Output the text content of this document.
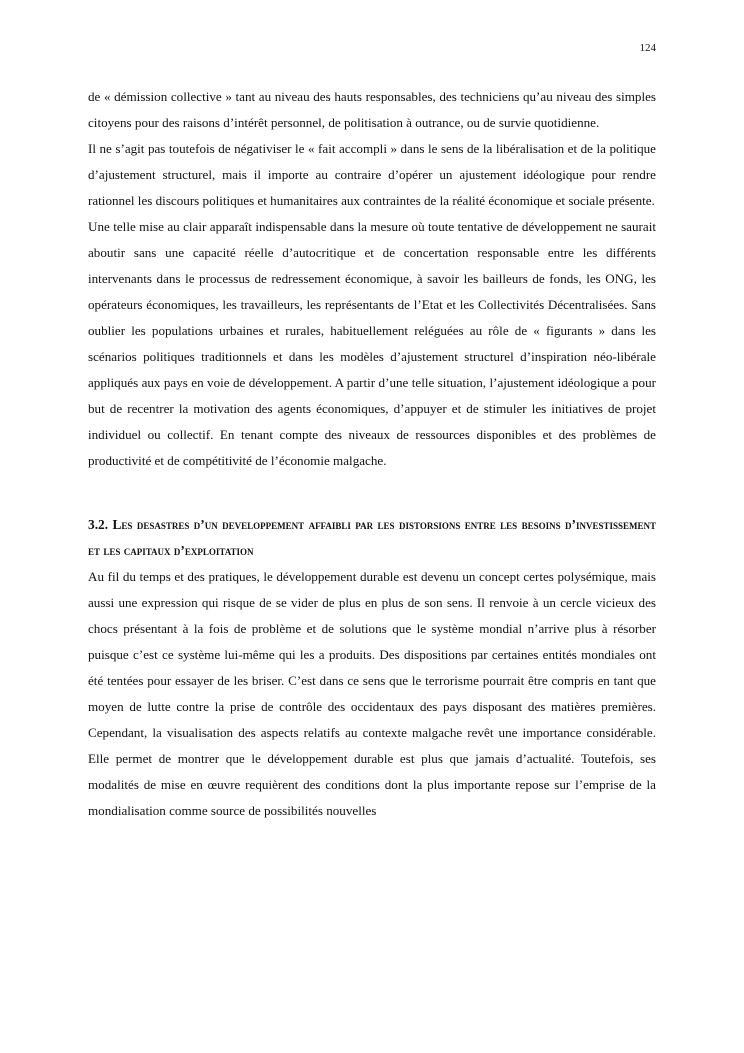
124

de « démission collective » tant au niveau des hauts responsables, des techniciens qu’au niveau des simples citoyens pour des raisons d’intérêt personnel, de politisation à outrance, ou de survie quotidienne.

Il ne s’agit pas toutefois de négativiser le « fait accompli » dans le sens de la libéralisation et de la politique d’ajustement structurel, mais il importe au contraire d’opérer un ajustement idéologique pour rendre rationnel les discours politiques et humanitaires aux contraintes de la réalité économique et sociale présente.

Une telle mise au clair apparaît indispensable dans la mesure où toute tentative de développement ne saurait aboutir sans une capacité réelle d’autocritique et de concertation responsable entre les différents intervenants dans le processus de redressement économique, à savoir les bailleurs de fonds, les ONG, les opérateurs économiques, les travailleurs, les représentants de l’Etat et les Collectivités Décentralisées. Sans oublier les populations urbaines et rurales, habituellement reléguées au rôle de « figurants » dans les scénarios politiques traditionnels et dans les modèles d’ajustement structurel d’inspiration néo-libérale appliqués aux pays en voie de développement. A partir d’une telle situation, l’ajustement idéologique a pour but de recentrer la motivation des agents économiques, d’appuyer et de stimuler les initiatives de projet individuel ou collectif. En tenant compte des niveaux de ressources disponibles et des problèmes de productivité et de compétitivité de l’économie malgache.

3.2. Les desastres d’un developpement affaibli par les distorsions entre les besoins d’investissement et les capitaux d’exploitation

Au fil du temps et des pratiques, le développement durable est devenu un concept certes polysémique, mais aussi une expression qui risque de se vider de plus en plus de son sens. Il renvoie à un cercle vicieux des chocs présentant à la fois de problème et de solutions que le système mondial n’arrive plus à résorber puisque c’est ce système lui-même qui les a produits. Des dispositions par certaines entités mondiales ont été tentées pour essayer de les briser. C’est dans ce sens que le terrorisme pourrait être compris en tant que moyen de lutte contre la prise de contrôle des occidentaux des pays disposant des matières premières. Cependant, la visualisation des aspects relatifs au contexte malgache revêt une importance considérable. Elle permet de montrer que le développement durable est plus que jamais d’actualité. Toutefois, ses modalités de mise en œuvre requièrent des conditions dont la plus importante repose sur l’emprise de la mondialisation comme source de possibilités nouvelles
